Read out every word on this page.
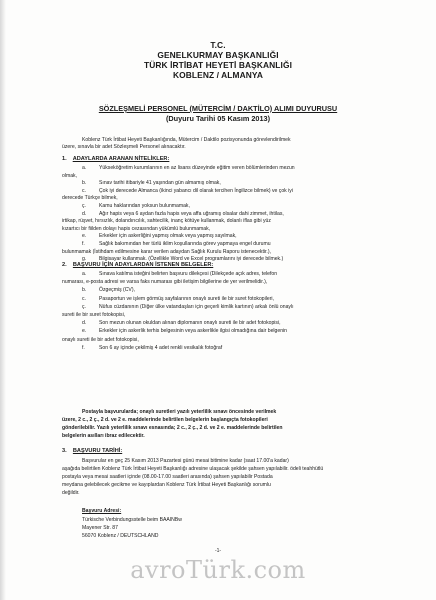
T.C.
GENELKURMAY BAŞKANLIĞI
TÜRK İRTİBAT HEYETİ BAŞKANLIĞI
KOBLENZ / ALMANYA
SÖZLEŞMELİ PERSONEL (MÜTERCİM / DAKTİLO) ALIMI DUYURUSU
(Duyuru Tarihi 05 Kasım 2013)
Koblenz Türk İrtibat Heyeti Başkanlığında, Mütercim / Daktilo pozisyonunda görevlendirilmek
üzere, sınavla bir adet Sözleşmeli Personel alınacaktır.
1. ADAYLARDA ARANAN NİTELİKLER:
a.	Yükseköğretim kurumlarının en az lisans düzeyinde eğitim veren bölümlerinden mezun
olmak,
b.	Sınav tarihi itibariyle 41 yaşından gün almamış olmak,
c.	Çok iyi derecede Almanca (ikinci yabancı dil olarak tercihen İngilizce bilmek) ve çok iyi
derecede Türkçe bilmek,
ç.	Kamu haklarından yoksun bulunmamak,
d.	Ağır hapis veya 6 aydan fazla hapis veya affa uğramış olsalar dahi zimmet, ihtilas,
irtikap, rüşvet, hırsızlık, dolandırıcılık, sahtecilik, inanç kötüye kullanmak, dolanlı iflas gibi yüz
kızartıcı bir fiilden dolayı hapis cezasından yükümlü bulunmamak,
e.	Erkekler için askerliğini yapmış olmak veya yapmış sayılmak,
f.	Sağlık bakımından her türlü iklim koşullarında görev yapmaya engel durumu
bulunmamak (İstihdam edilmesine karar verilen adaydan Sağlık Kurulu Raporu istenecektir.),
g.	Bilgisayar kullanmak. (Özellikle Word ve Excel programlarını iyi derecede bilmek.)
2. BAŞVURU İÇİN ADAYLARDAN İSTENEN BELGELER:
a.	Sınava katılma isteğini belirten başvuru dilekçesi (Dilekçede açık adres, telefon
numarası, e-posta adresi ve varsa faks numarası gibi iletişim bilgilerine de yer verilmelidir.),
b.	Özgeçmiş (CV),
c.	Pasaportun ve işlem görmüş sayfalarının onaylı sureti ile bir suret fotokopileri,
ç.	Nüfus cüzdanının (Diğer ülke vatandaşları için geçerli kimlik kartının) arkalı önlü onaylı
sureti ile bir suret fotokopisi,
d.	Son mezun olunan okuldan alınan diplomanın onaylı sureti ile bir adet fotokopisi,
e.	Erkekler için askerlik terhis belgesinin veya askerlikle ilgisi olmadığına dair belgenin
onaylı sureti ile bir adet fotokopisi,
f.	Son 6 ay içinde çekilmiş 4 adet renkli vesikalık fotoğraf
Postayla başvurularda; onaylı suretleri yazılı yeterlilik sınavı öncesinde verilmek
üzere, 2 c., 2 ç., 2 d. ve 2 e. maddelerinde belirtilen belgelerin başlangıçta fotokopileri
gönderilebilir. Yazılı yeterlilik sınavı esnasında; 2 c., 2 ç., 2 d. ve 2 e. maddelerinde belirtilen
belgelerin asılları ibraz edilecektir.
3. BAŞVURU TARİHİ:
Başvurular en geç 25 Kasım 2013 Pazartesi günü mesai bitimine kadar (saat 17.00'a kadar)
aşağıda belirtilen Koblenz Türk İrtibat Heyeti Başkanlığı adresine ulaşacak şekilde şahsen yapılabilir. ödeli teahhütlü
postayla veya mesai saatleri içinde (08.00-17.00 saatleri arasında) şahsen yapılabilir Postada
meydana gelebilecek gecikme ve kayıplardan Koblenz Türk İrtibat Heyeti Başkanlığı sorumlu
değildir.
Başvuru Adresi:
Türkische Verbindungsstelle beim BAAINBw
Mayener Str. 87
56070 Koblenz / DEUTSCHLAND
-1-
avroTürk.com
